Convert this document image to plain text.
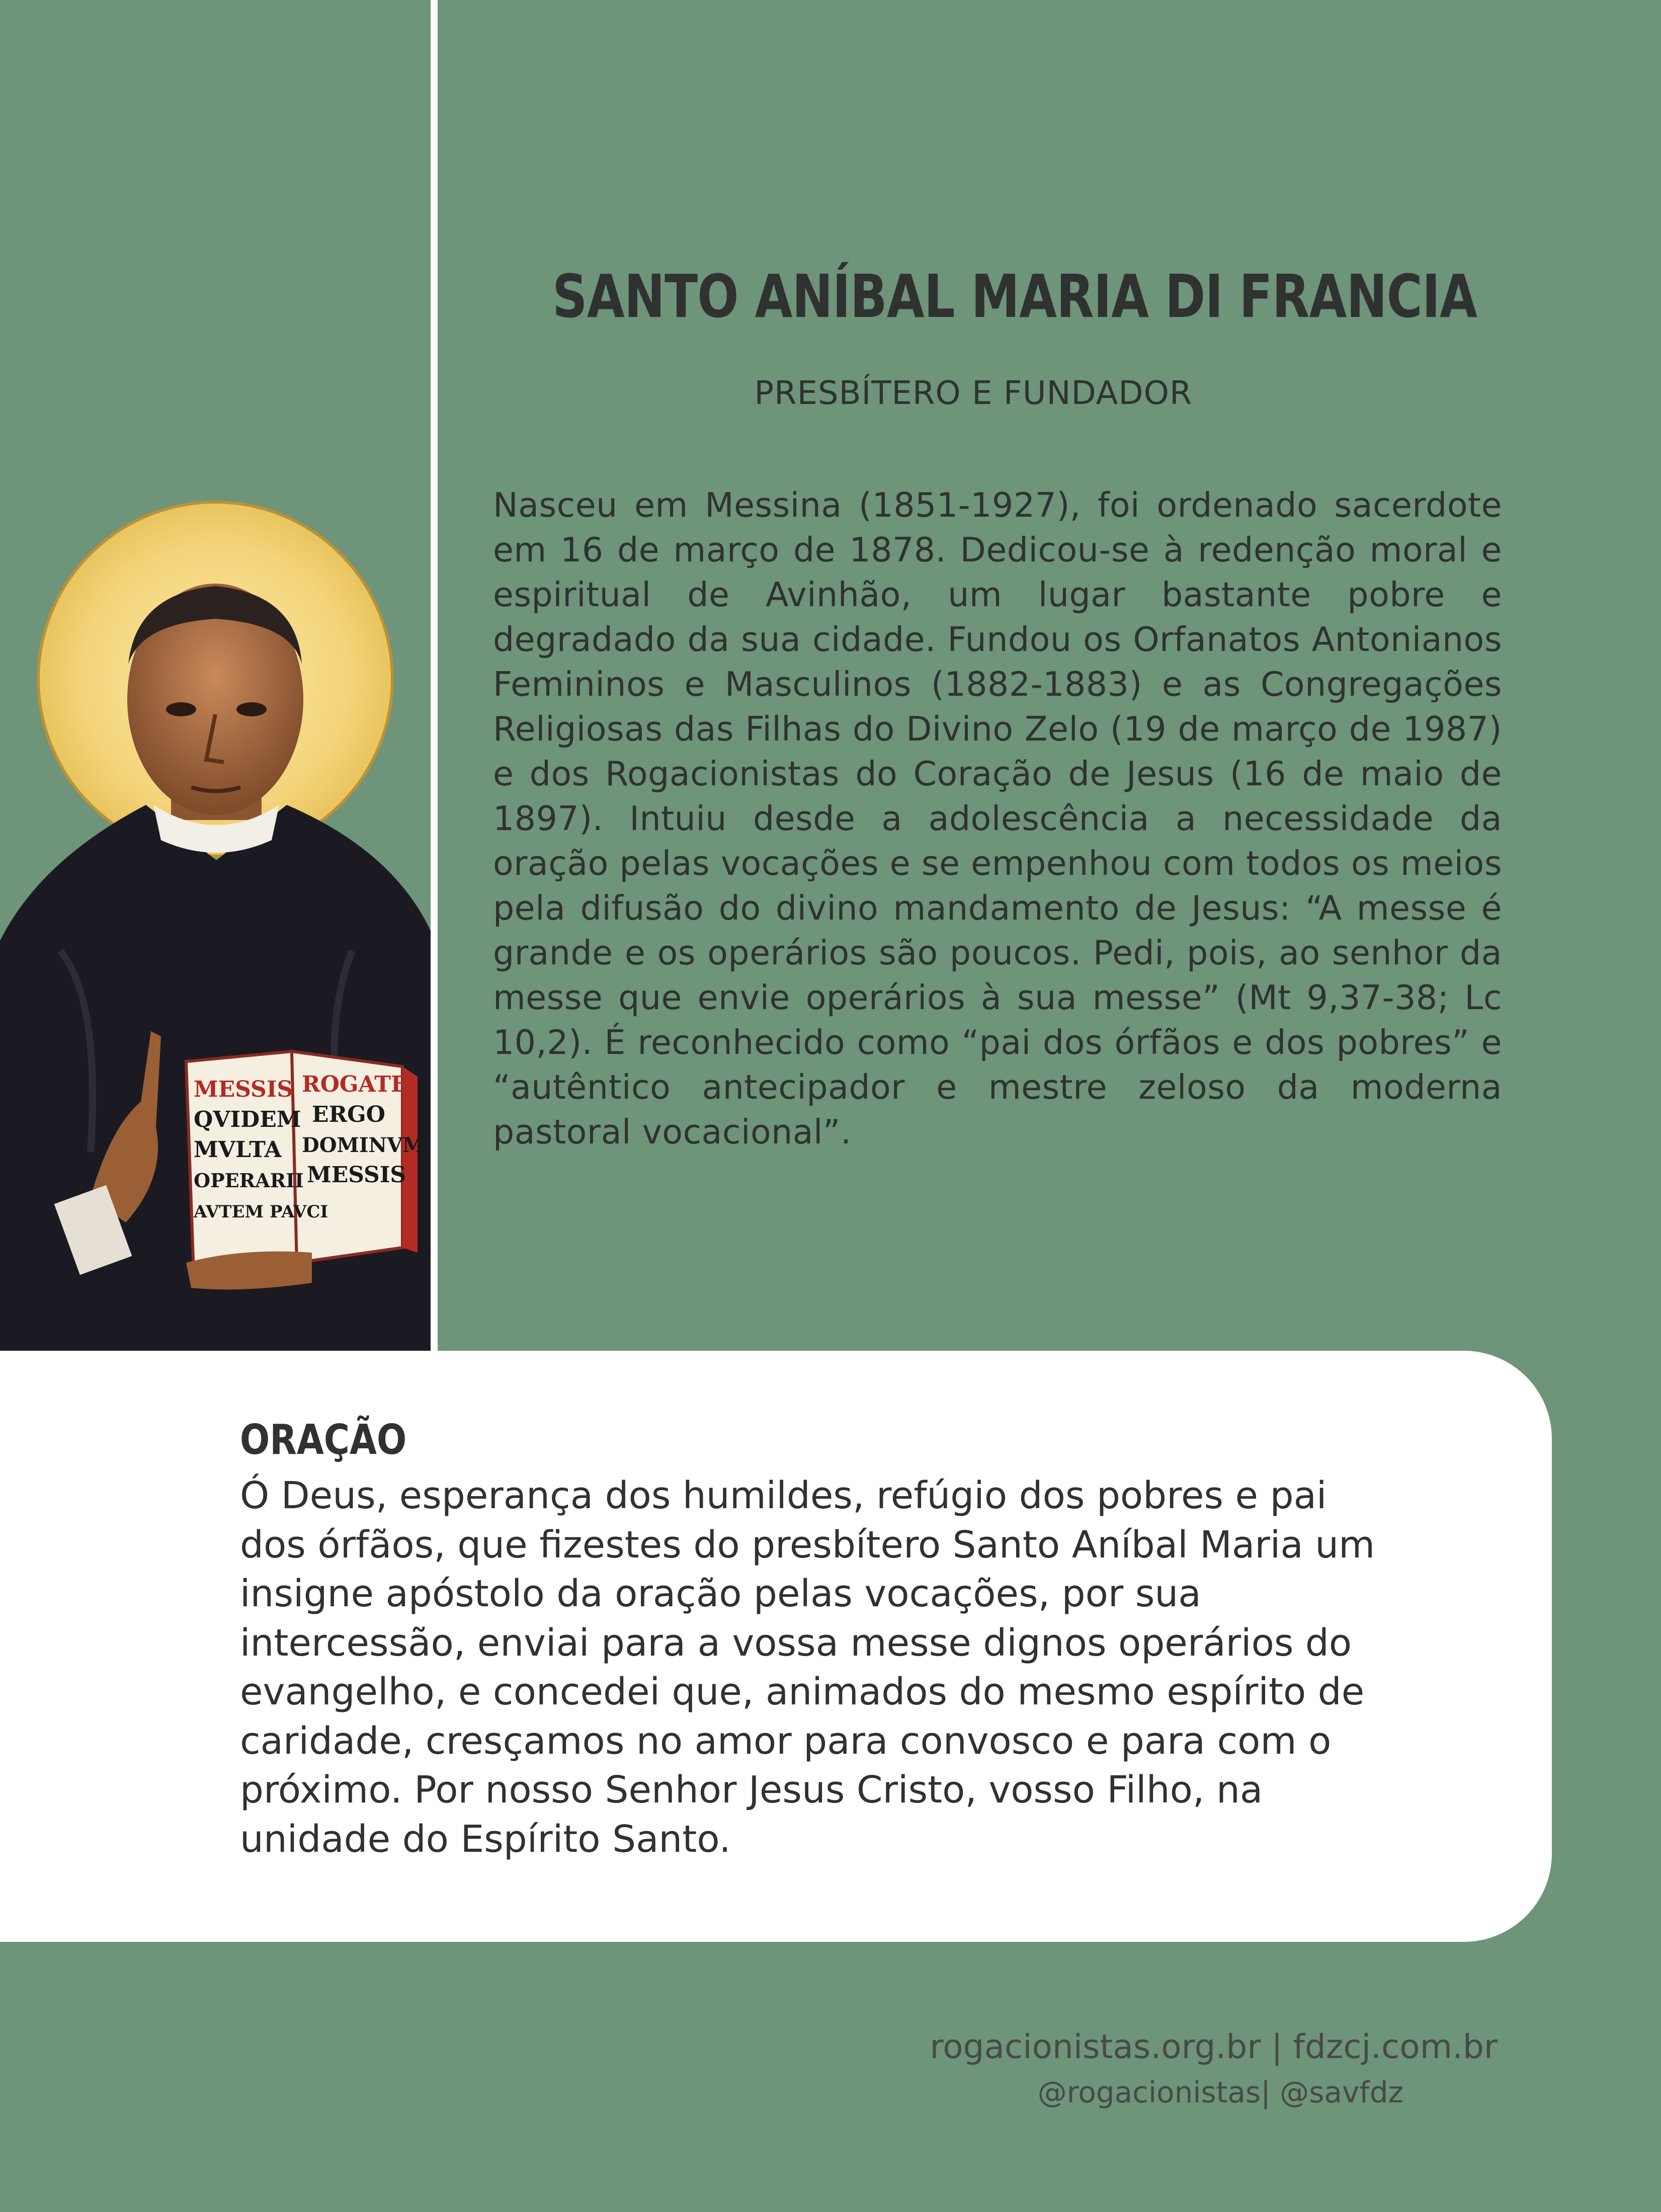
MESSIS
QVIDEM
MVLTA
OPERARII
AVTEM PAVCI
ROGATE
ERGO
DOMINVM
MESSIS
SANTO ANÍBAL MARIA DI FRANCIA
PRESBÍTERO E FUNDADOR

Nasceu em Messina (1851-1927), foi ordenado sacerdote em 16 de março de 1878. Dedicou-se à redenção moral e espiritual de Avinhão, um lugar bastante pobre e degradado da sua cidade. Fundou os Orfanatos Antonianos Femininos e Masculinos (1882-1883) e as Congregações Religiosas das Filhas do Divino Zelo (19 de março de 1987) e dos Rogacionistas do Coração de Jesus (16 de maio de 1897). Intuiu desde a adolescência a necessidade da oração pelas vocações e se empenhou com todos os meios pela difusão do divino mandamento de Jesus: “A messe é grande e os operários são poucos. Pedi, pois, ao senhor da messe que envie operários à sua messe” (Mt 9,37-38; Lc 10,2). É reconhecido como “pai dos órfãos e dos pobres” e “autêntico antecipador e mestre zeloso da moderna pastoral vocacional”.

ORAÇÃO

Ó Deus, esperança dos humildes, refúgio dos pobres e pai dos órfãos, que fizestes do presbítero Santo Aníbal Maria um insigne apóstolo da oração pelas vocações, por sua intercessão, enviai para a vossa messe dignos operários do evangelho, e concedei que, animados do mesmo espírito de caridade, cresçamos no amor para convosco e para com o próximo. Por nosso Senhor Jesus Cristo, vosso Filho, na unidade do Espírito Santo.

rogacionistas.org.br | fdzcj.com.br
@rogacionistas| @savfdz
